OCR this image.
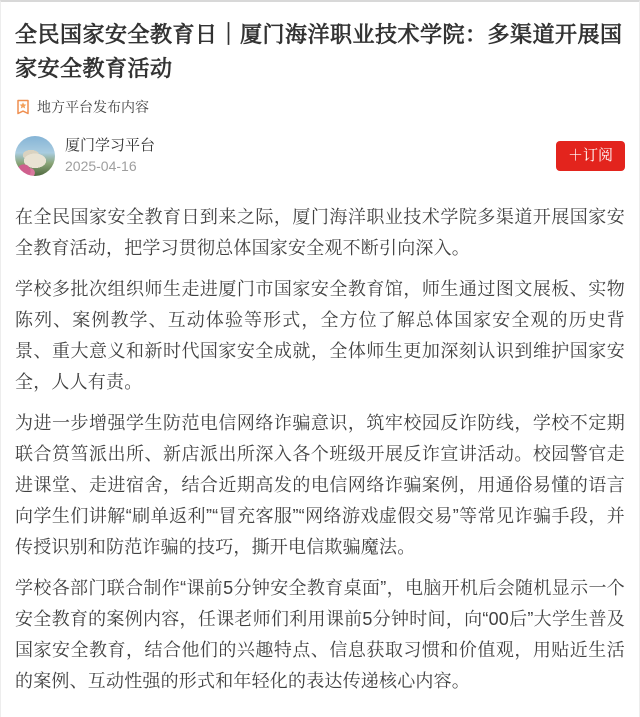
全民国家安全教育日｜厦门海洋职业技术学院：多渠道开展国家安全教育活动
地方平台发布内容
厦门学习平台
2025-04-16
＋订阅

在全民国家安全教育日到来之际，厦门海洋职业技术学院多渠道开展国家安全教育活动，把学习贯彻总体国家安全观不断引向深入。

学校多批次组织师生走进厦门市国家安全教育馆，师生通过图文展板、实物陈列、案例教学、互动体验等形式，全方位了解总体国家安全观的历史背景、重大意义和新时代国家安全成就，全体师生更加深刻认识到维护国家安全，人人有责。

为进一步增强学生防范电信网络诈骗意识，筑牢校园反诈防线，学校不定期联合筼筜派出所、新店派出所深入各个班级开展反诈宣讲活动。校园警官走进课堂、走进宿舍，结合近期高发的电信网络诈骗案例，用通俗易懂的语言向学生们讲解“刷单返利”“冒充客服”“网络游戏虚假交易”等常见诈骗手段，并传授识别和防范诈骗的技巧，撕开电信欺骗魔法。

学校各部门联合制作“课前5分钟安全教育桌面”，电脑开机后会随机显示一个安全教育的案例内容，任课老师们利用课前5分钟时间，向“00后”大学生普及国家安全教育，结合他们的兴趣特点、信息获取习惯和价值观，用贴近生活的案例、互动性强的形式和年轻化的表达传递核心内容。
